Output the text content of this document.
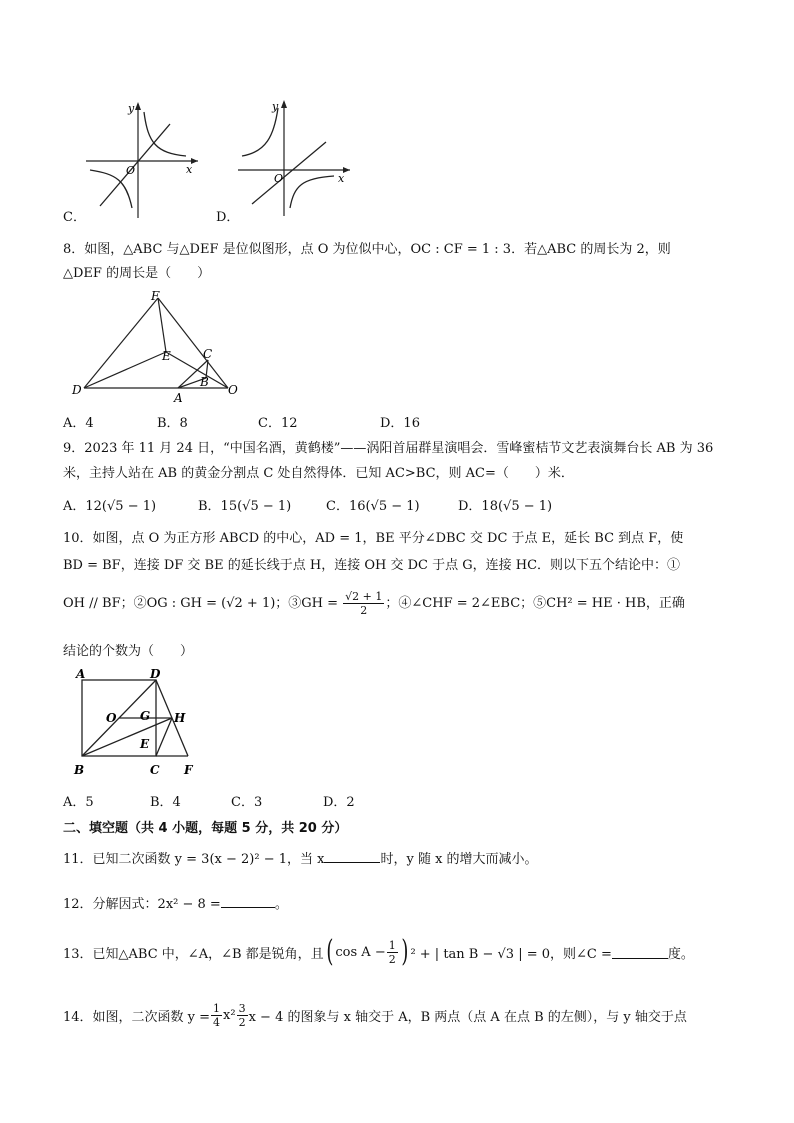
y
x
O
C．
y
x
O
D．
8．如图，△ABC 与△DEF 是位似图形，点 O 为位似中心，OC : CF = 1 : 3．若△ABC 的周长为 2，则
△DEF 的周长是（　　）
F
E	C
B
D
A
O
A．4	B．8	C．12	D．16
9．2023 年 11 月 24 日，“中国名酒，黄鹤楼”——涡阳首届群星演唱会．雪峰蜜桔节文艺表演舞台长 AB 为 36
米，主持人站在 AB 的黄金分割点 C 处自然得体．已知 AC>BC，则 AC=（　　）米．
A．12(√5 − 1)	B．15(√5 − 1)	C．16(√5 − 1)	D．18(√5 − 1)
10．如图，点 O 为正方形 ABCD 的中心，AD = 1，BE 平分∠DBC 交 DC 于点 E，延长 BC 到点 F，使
BD = BF，连接 DF 交 BE 的延长线于点 H，连接 OH 交 DC 于点 G，连接 HC．则以下五个结论中：①
OH // BF；②OG : GH = (√2 + 1)；③GH = $\frac{√2 + 1}{2}$ ；④∠CHF = 2∠EBC；⑤CH² = HE · HB，正确
结论的个数为（　　）
A	D
O G H
E
B	C F
A．5	B．4	C．3	D．2
二、填空题（共 4 小题，每题 5 分，共 20 分）
11．已知二次函数 y = 3(x − 2)² − 1，当 x	时，y 随 x 的增大而减小。
12．分解因式：2x² − 8 =	。
13．已知△ABC 中，∠A，∠B 都是锐角，且 ( $\cos A - \frac{1}{2}$ ) ² + | tan B − √3 | = 0，则∠C =	度。
14．如图，二次函数 $y = \frac{1}{4} x^2 \frac{3}{2}$ x − 4 的图象与 x 轴交于 A，B 两点（点 A 在点 B 的左侧），与 y 轴交于点
